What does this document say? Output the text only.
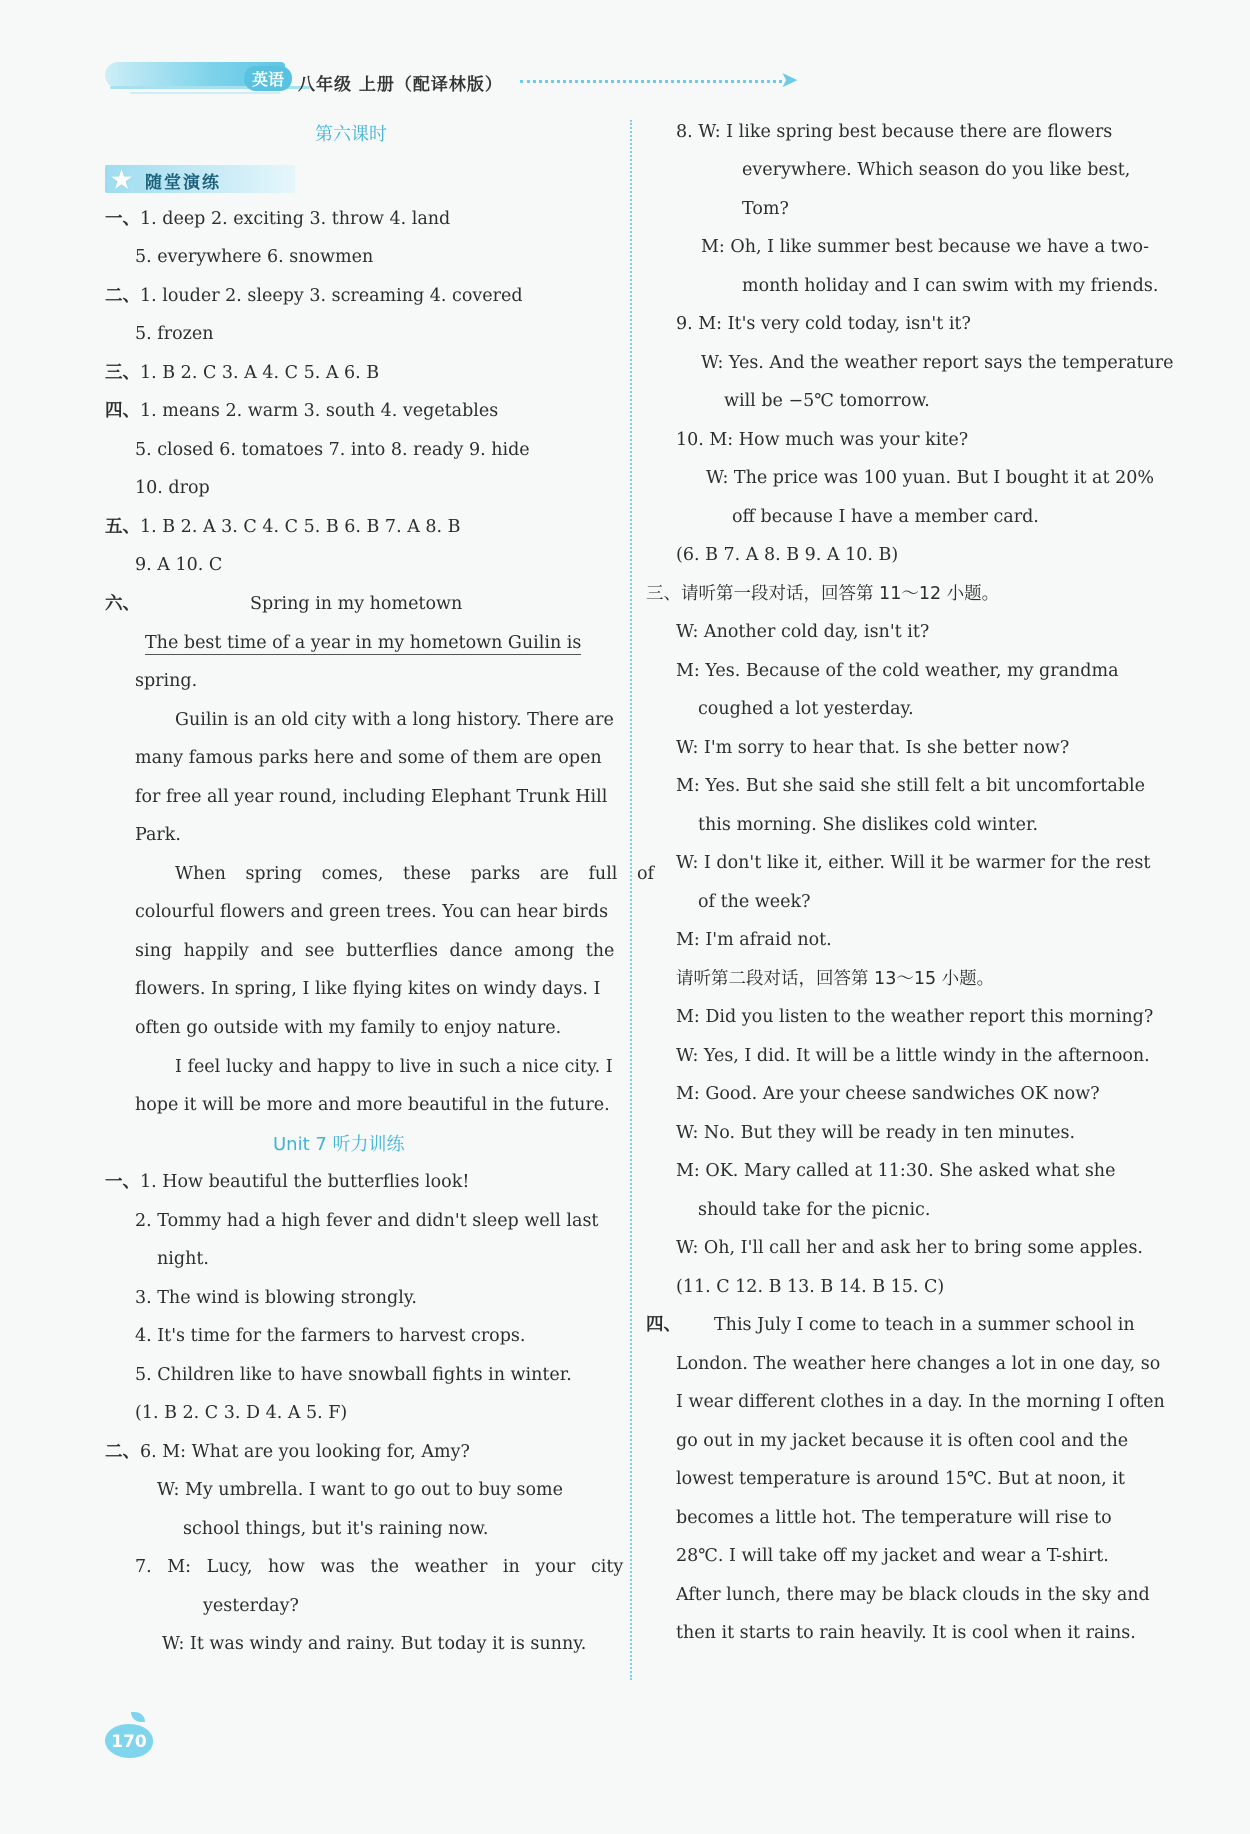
英语 八年级 上册（配译林版）	➤
第六课时
★ 随堂演练
一、1. deep 2. exciting 3. throw 4. land
5. everywhere 6. snowmen
二、1. louder 2. sleepy 3. screaming 4. covered
5. frozen
三、1. B 2. C 3. A 4. C 5. A 6. B
四、1. means 2. warm 3. south 4. vegetables
5. closed 6. tomatoes 7. into 8. ready 9. hide
10. drop
五、1. B 2. A 3. C 4. C 5. B 6. B 7. A 8. B
9. A 10. C
六、	Spring in my hometown
The best time of a year in my hometown Guilin is
spring.
Guilin is an old city with a long history. There are
many famous parks here and some of them are open
for free all year round, including Elephant Trunk Hill
Park.
When spring comes, these parks are full of
colourful flowers and green trees. You can hear birds
sing happily and see butterflies dance among the
flowers. In spring, I like flying kites on windy days. I
often go outside with my family to enjoy nature.
I feel lucky and happy to live in such a nice city. I
hope it will be more and more beautiful in the future.
Unit 7 听力训练
一、1. How beautiful the butterflies look!
2. Tommy had a high fever and didn't sleep well last
night.
3. The wind is blowing strongly.
4. It's time for the farmers to harvest crops.
5. Children like to have snowball fights in winter.
(1. B 2. C 3. D 4. A 5. F)
二、6. M: What are you looking for, Amy?
W: My umbrella. I want to go out to buy some
school things, but it's raining now.
7. M: Lucy, how was the weather in your city
yesterday?
W: It was windy and rainy. But today it is sunny.
8. W: I like spring best because there are flowers
everywhere. Which season do you like best,
Tom?
M: Oh, I like summer best because we have a two-
month holiday and I can swim with my friends.
9. M: It's very cold today, isn't it?
W: Yes. And the weather report says the temperature
will be −5℃ tomorrow.
10. M: How much was your kite?
W: The price was 100 yuan. But I bought it at 20%
off because I have a member card.
(6. B 7. A 8. B 9. A 10. B)
三、请听第一段对话，回答第 11～12 小题。
W: Another cold day, isn't it?
M: Yes. Because of the cold weather, my grandma
coughed a lot yesterday.
W: I'm sorry to hear that. Is she better now?
M: Yes. But she said she still felt a bit uncomfortable
this morning. She dislikes cold winter.
W: I don't like it, either. Will it be warmer for the rest
of the week?
M: I'm afraid not.
请听第二段对话，回答第 13～15 小题。
M: Did you listen to the weather report this morning?
W: Yes, I did. It will be a little windy in the afternoon.
M: Good. Are your cheese sandwiches OK now?
W: No. But they will be ready in ten minutes.
M: OK. Mary called at 11:30. She asked what she
should take for the picnic.
W: Oh, I'll call her and ask her to bring some apples.
(11. C 12. B 13. B 14. B 15. C)
四、 This July I come to teach in a summer school in
London. The weather here changes a lot in one day, so
I wear different clothes in a day. In the morning I often
go out in my jacket because it is often cool and the
lowest temperature is around 15℃. But at noon, it
becomes a little hot. The temperature will rise to
28℃. I will take off my jacket and wear a T-shirt.
After lunch, there may be black clouds in the sky and
then it starts to rain heavily. It is cool when it rains.
170
